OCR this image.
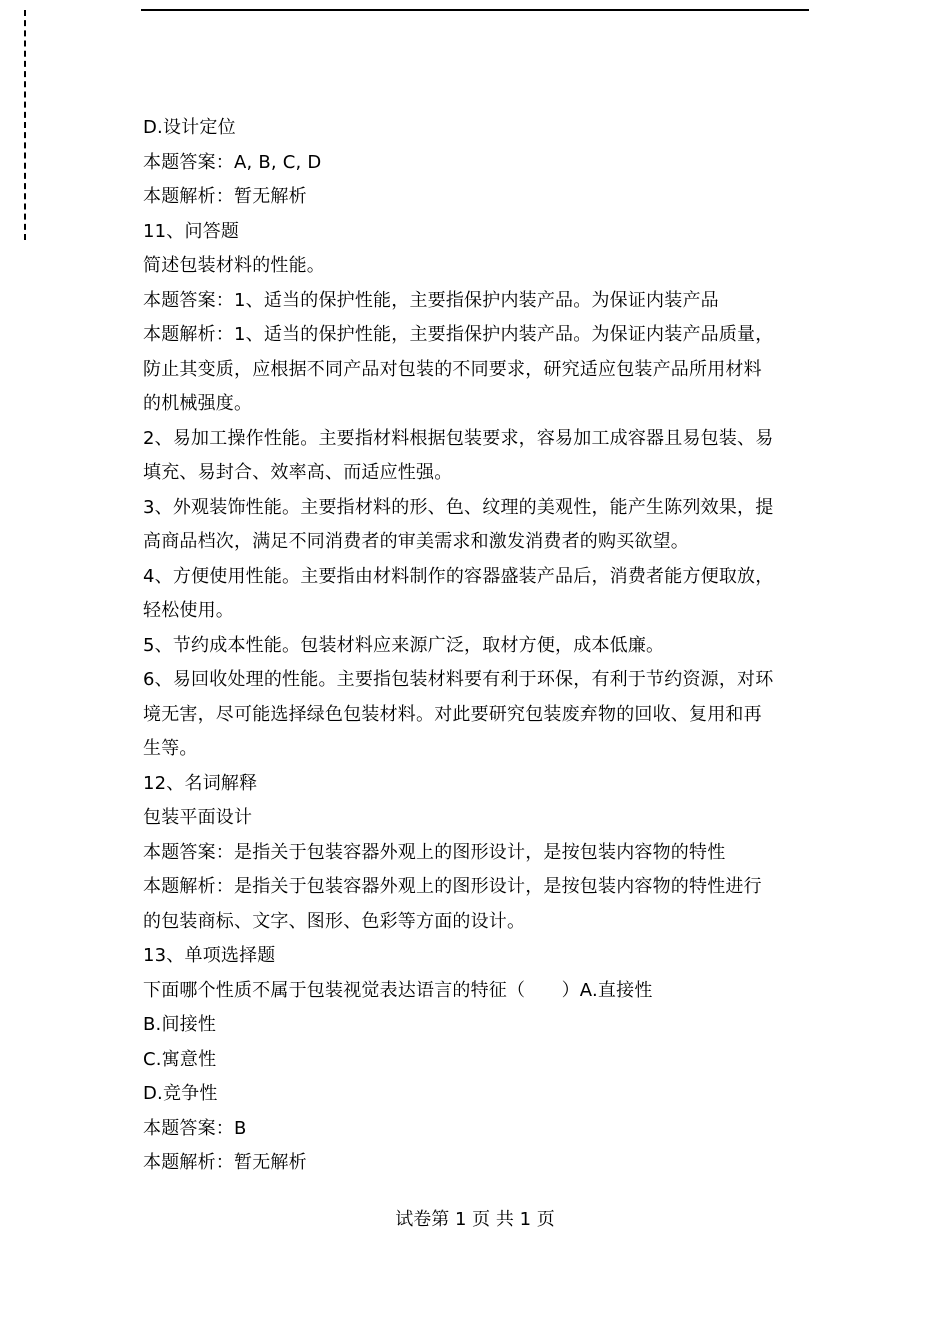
D.设计定位
本题答案：A, B, C, D
本题解析：暂无解析
11、问答题
简述包装材料的性能。
本题答案：1、适当的保护性能，主要指保护内装产品。为保证内装产品
本题解析：1、适当的保护性能，主要指保护内装产品。为保证内装产品质量，
防止其变质，应根据不同产品对包装的不同要求，研究适应包装产品所用材料
的机械强度。
2、易加工操作性能。主要指材料根据包装要求，容易加工成容器且易包装、易
填充、易封合、效率高、而适应性强。
3、外观装饰性能。主要指材料的形、色、纹理的美观性，能产生陈列效果，提
高商品档次，满足不同消费者的审美需求和激发消费者的购买欲望。
4、方便使用性能。主要指由材料制作的容器盛装产品后，消费者能方便取放，
轻松使用。
5、节约成本性能。包装材料应来源广泛，取材方便，成本低廉。
6、易回收处理的性能。主要指包装材料要有利于环保，有利于节约资源，对环
境无害，尽可能选择绿色包装材料。对此要研究包装废弃物的回收、复用和再
生等。
12、名词解释
包装平面设计
本题答案：是指关于包装容器外观上的图形设计，是按包装内容物的特性
本题解析：是指关于包装容器外观上的图形设计，是按包装内容物的特性进行
的包装商标、文字、图形、色彩等方面的设计。
13、单项选择题
下面哪个性质不属于包装视觉表达语言的特征（　　）A.直接性
B.间接性
C.寓意性
D.竞争性
本题答案：B
本题解析：暂无解析
试卷第 1 页 共 1 页
